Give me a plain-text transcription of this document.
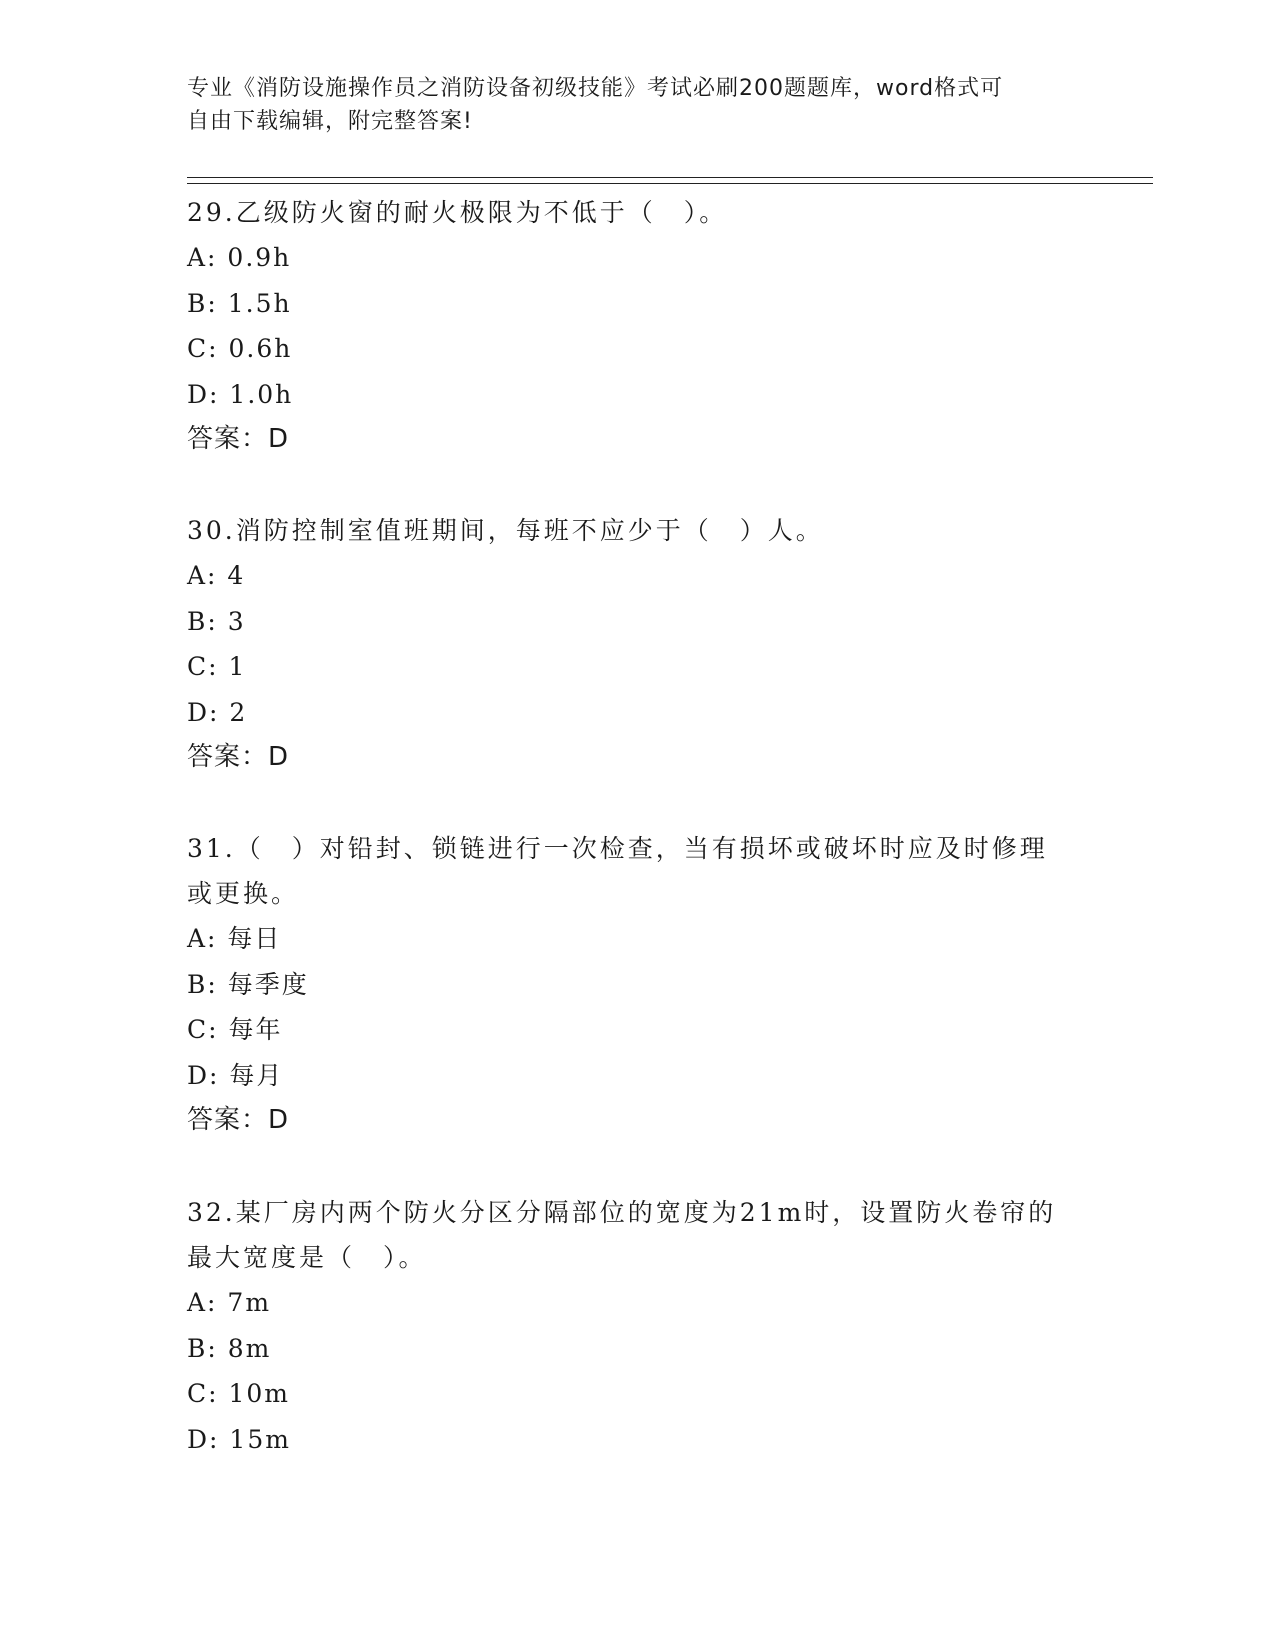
专业《消防设施操作员之消防设备初级技能》考试必刷200题题库，word格式可
自由下载编辑，附完整答案!

29.乙级防火窗的耐火极限为不低于（　）。

A: 0.9h

B: 1.5h

C: 0.6h

D: 1.0h

答案：D

30.消防控制室值班期间，每班不应少于（　）人。

A: 4

B: 3

C: 1

D: 2

答案：D

31.（　）对铅封、锁链进行一次检查，当有损坏或破坏时应及时修理

或更换。

A: 每日

B: 每季度

C: 每年

D: 每月

答案：D

32.某厂房内两个防火分区分隔部位的宽度为21m时，设置防火卷帘的

最大宽度是（　）。

A: 7m

B: 8m

C: 10m

D: 15m
